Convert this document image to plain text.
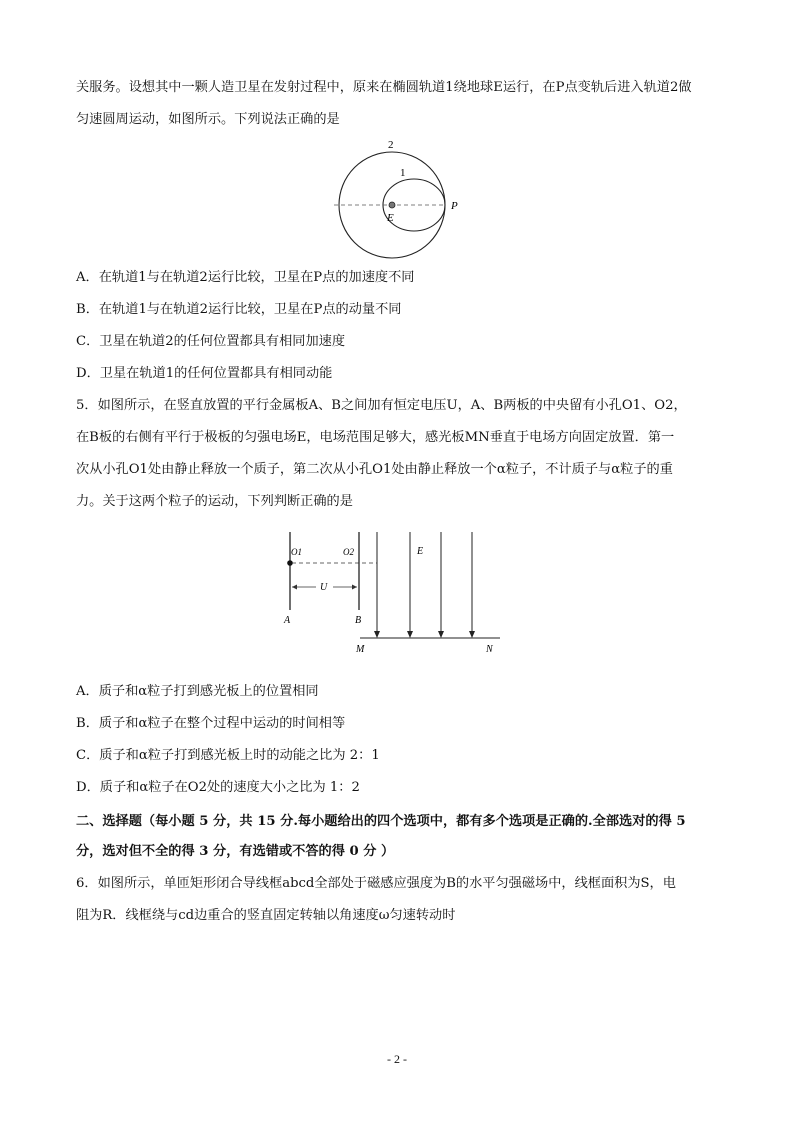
关服务。设想其中一颗人造卫星在发射过程中，原来在椭圆轨道1绕地球E运行，在P点变轨后进入轨道2做
匀速圆周运动，如图所示。下列说法正确的是
2
1
E
P
A．在轨道1与在轨道2运行比较，卫星在P点的加速度不同
B．在轨道1与在轨道2运行比较，卫星在P点的动量不同
C．卫星在轨道2的任何位置都具有相同加速度
D．卫星在轨道1的任何位置都具有相同动能
5．如图所示，在竖直放置的平行金属板A、B之间加有恒定电压U，A、B两板的中央留有小孔O1、O2，
在B板的右侧有平行于极板的匀强电场E，电场范围足够大，感光板MN垂直于电场方向固定放置．第一
次从小孔O1处由静止释放一个质子，第二次从小孔O1处由静止释放一个α粒子，不计质子与α粒子的重
力。关于这两个粒子的运动，下列判断正确的是
U
O1	O2
A	B
E
M	N
A．质子和α粒子打到感光板上的位置相同
B．质子和α粒子在整个过程中运动的时间相等
C．质子和α粒子打到感光板上时的动能之比为 2：1
D．质子和α粒子在O2处的速度大小之比为 1：2
二、选择题（每小题 5 分，共 15 分.每小题给出的四个选项中，都有多个选项是正确的.全部选对的得 5
分，选对但不全的得 3 分，有选错或不答的得 0 分 ）
6．如图所示，单匝矩形闭合导线框abcd全部处于磁感应强度为B的水平匀强磁场中，线框面积为S，电
阻为R．线框绕与cd边重合的竖直固定转轴以角速度ω匀速转动时
- 2 -
